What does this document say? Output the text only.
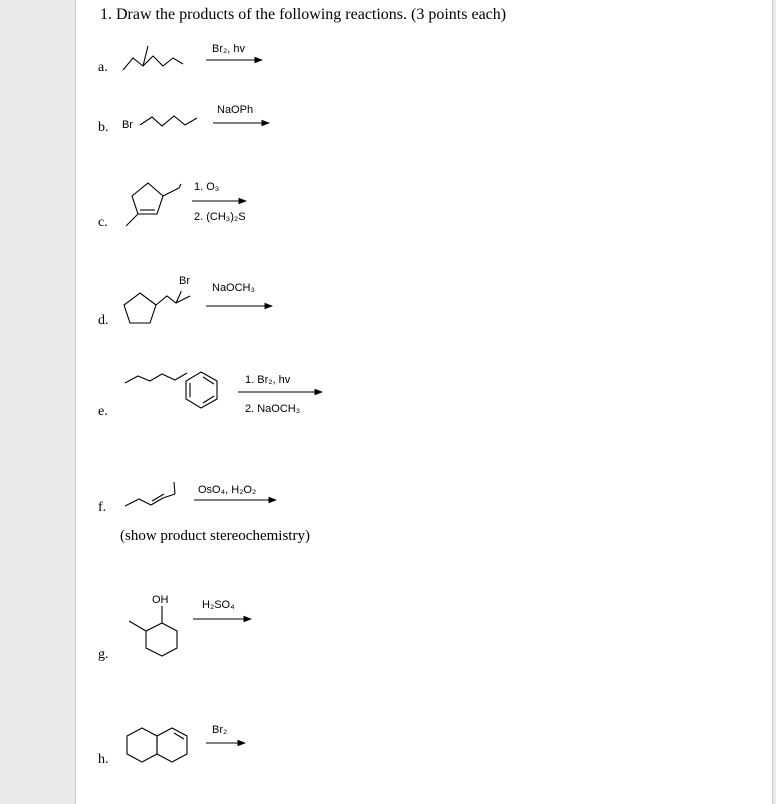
1. Draw the products of the following reactions. (3 points each)
a.
b.
c.
d.
e.
f.
g.
h.
Br₂, hv
Br
NaOPh
1. O₃
2. (CH₃)₂S
Br
NaOCH₃
1. Br₂, hv
2. NaOCH₃
OsO₄, H₂O₂
(show product stereochemistry)
OH	H₂SO₄
Br₂
